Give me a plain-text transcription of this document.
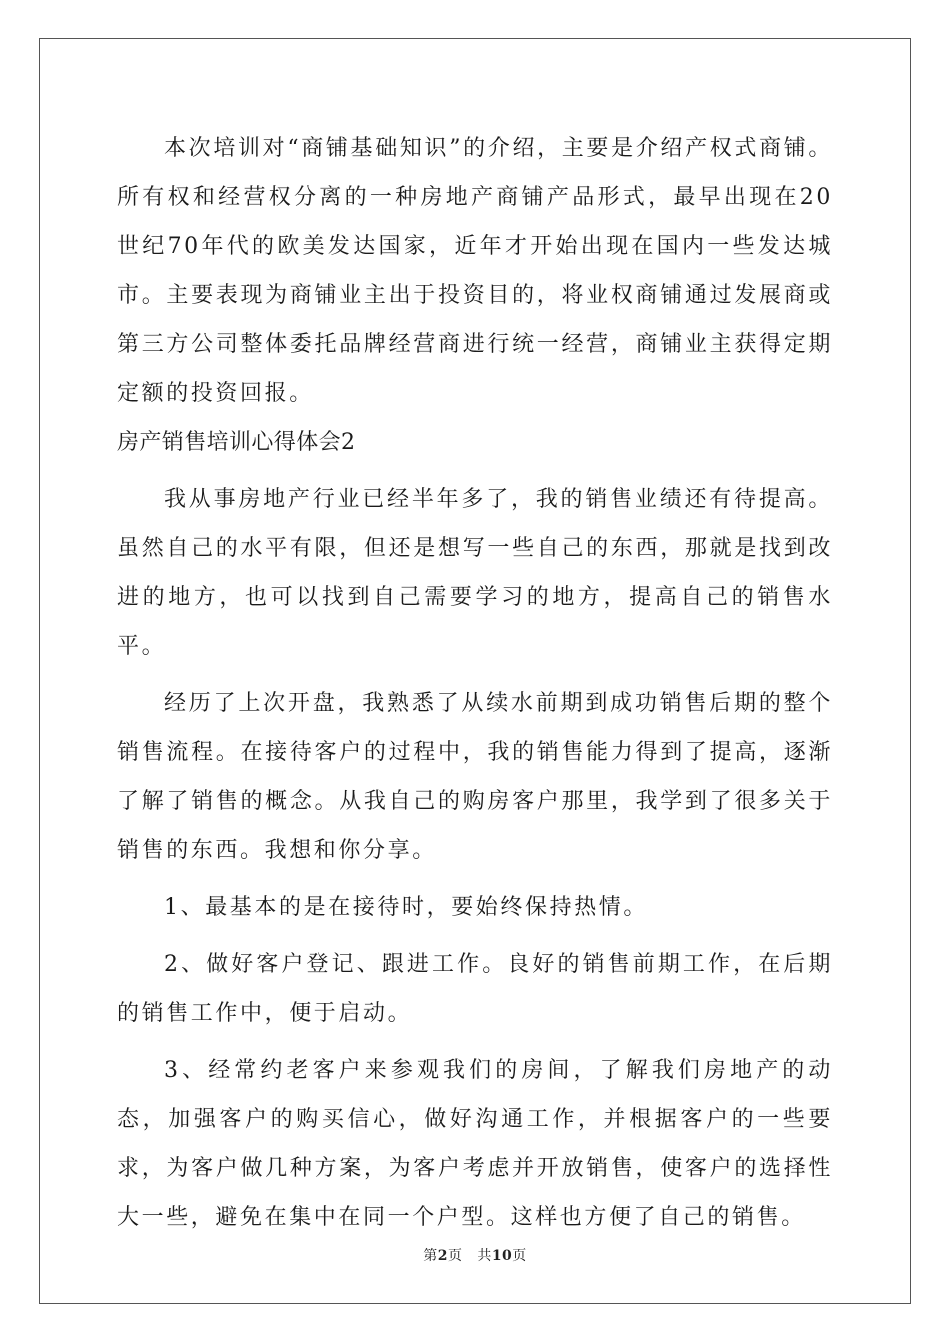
本次培训对“商铺基础知识”的介绍，主要是介绍产权式商铺。所有权和经营权分离的一种房地产商铺产品形式，最早出现在20世纪70年代的欧美发达国家，近年才开始出现在国内一些发达城市。主要表现为商铺业主出于投资目的，将业权商铺通过发展商或第三方公司整体委托品牌经营商进行统一经营，商铺业主获得定期定额的投资回报。

房产销售培训心得体会2

我从事房地产行业已经半年多了，我的销售业绩还有待提高。虽然自己的水平有限，但还是想写一些自己的东西，那就是找到改进的地方，也可以找到自己需要学习的地方，提高自己的销售水平。

经历了上次开盘，我熟悉了从续水前期到成功销售后期的整个销售流程。在接待客户的过程中，我的销售能力得到了提高，逐渐了解了销售的概念。从我自己的购房客户那里，我学到了很多关于销售的东西。我想和你分享。

1、最基本的是在接待时，要始终保持热情。

2、做好客户登记、跟进工作。良好的销售前期工作，在后期的销售工作中，便于启动。

3、经常约老客户来参观我们的房间，了解我们房地产的动态，加强客户的购买信心，做好沟通工作，并根据客户的一些要求，为客户做几种方案，为客户考虑并开放销售，使客户的选择性大一些，避免在集中在同一个户型。这样也方便了自己的销售。

第2页 共10页
